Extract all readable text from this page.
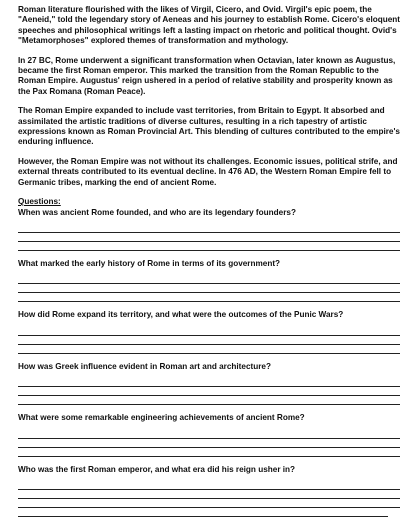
Roman literature flourished with the likes of Virgil, Cicero, and Ovid. Virgil's epic poem, the "Aeneid," told the legendary story of Aeneas and his journey to establish Rome. Cicero's eloquent speeches and philosophical writings left a lasting impact on rhetoric and political thought. Ovid's "Metamorphoses" explored themes of transformation and mythology.

In 27 BC, Rome underwent a significant transformation when Octavian, later known as Augustus, became the first Roman emperor. This marked the transition from the Roman Republic to the Roman Empire. Augustus' reign ushered in a period of relative stability and prosperity known as the Pax Romana (Roman Peace).

The Roman Empire expanded to include vast territories, from Britain to Egypt. It absorbed and assimilated the artistic traditions of diverse cultures, resulting in a rich tapestry of artistic expressions known as Roman Provincial Art. This blending of cultures contributed to the empire's enduring influence.

However, the Roman Empire was not without its challenges. Economic issues, political strife, and external threats contributed to its eventual decline. In 476 AD, the Western Roman Empire fell to Germanic tribes, marking the end of ancient Rome.

Questions:

When was ancient Rome founded, and who are its legendary founders?

What marked the early history of Rome in terms of its government?

How did Rome expand its territory, and what were the outcomes of the Punic Wars?

How was Greek influence evident in Roman art and architecture?

What were some remarkable engineering achievements of ancient Rome?

Who was the first Roman emperor, and what era did his reign usher in?
